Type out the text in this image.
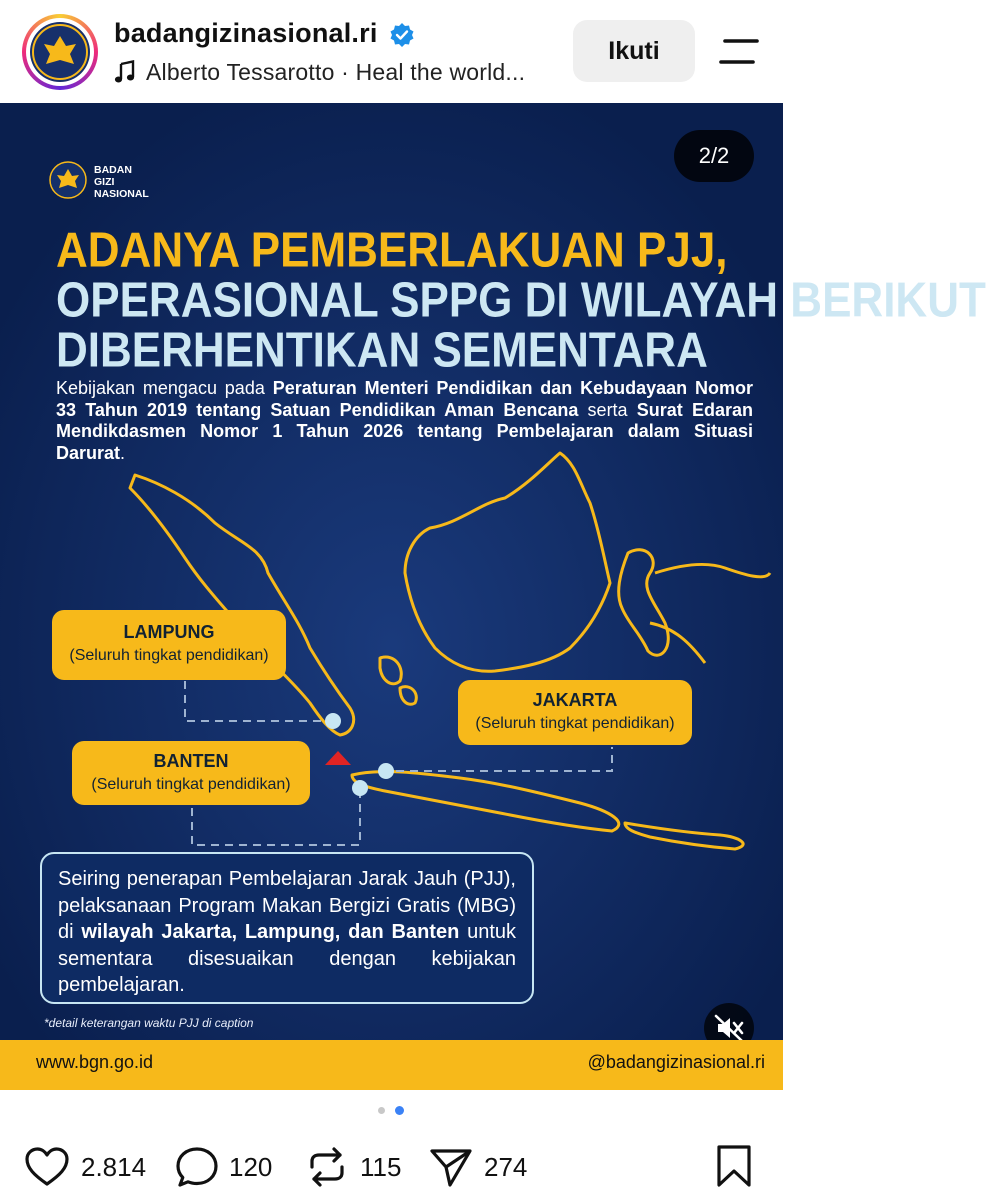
badangizinasional.ri
Alberto Tessarotto · Heal the world...
Ikuti
BADAN
GIZI
NASIONAL
2/2
ADANYA PEMBERLAKUAN PJJ,
OPERASIONAL SPPG DI WILAYAH BERIKUT
DIBERHENTIKAN SEMENTARA
Kebijakan mengacu pada Peraturan Menteri Pendidikan dan Kebudayaan Nomor 33 Tahun 2019 tentang Satuan Pendidikan Aman Bencana serta Surat Edaran Mendikdasmen Nomor 1 Tahun 2026 tentang Pembelajaran dalam Situasi Darurat.
LAMPUNG
(Seluruh tingkat pendidikan)
JAKARTA
(Seluruh tingkat pendidikan)
BANTEN
(Seluruh tingkat pendidikan)
Seiring penerapan Pembelajaran Jarak Jauh (PJJ), pelaksanaan Program Makan Bergizi Gratis (MBG) di wilayah Jakarta, Lampung, dan Banten untuk sementara disesuaikan dengan kebijakan pembelajaran.
*detail keterangan waktu PJJ di caption
www.bgn.go.id	@badangizinasional.ri
2.814	120	115	274
